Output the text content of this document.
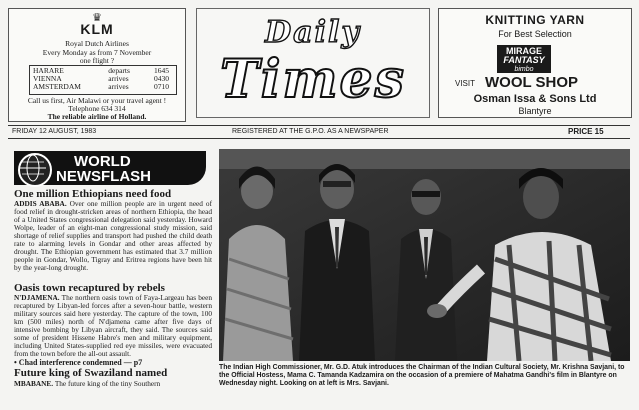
♛
KLM
Royal Dutch Airlines
Every Monday as from 7 November
one flight ?
HARARE	departs	1645
VIENNA	arrives	0430
AMSTERDAM	arrives	0710
Call us first, Air Malawi or your travel agent !
Telephone 634 314
The reliable airline of Holland.
Daily
Times
KNITTING YARN
For Best Selection
MIRAGE
FANTASY
bimbo
VISIT WOOL SHOP
Osman Issa & Sons Ltd
Blantyre
FRIDAY 12 AUGUST, 1983	REGISTERED AT THE G.P.O. AS A NEWSPAPER	PRICE 15
WORLD
NEWSFLASH
One million Ethiopians need food
ADDIS ABABA. Over one million people are in urgent need of food relief in drought-stricken areas of northern Ethiopia, the head of a United States congressional delegation said yesterday. Howard Wolpe, leader of an eight-man congressional study mission, said shortage of relief supplies and transport had pushed the child death rate to alarming levels in Gondar and other areas affected by drought. The Ethiopian government has estimated that 3.7 million people in Gondar, Wollo, Tigray and Eritrea regions have been hit by the year-long drought.
Oasis town recaptured by rebels
N'DJAMENA. The northern oasis town of Faya-Largeau has been recaptured by Libyan-led forces after a seven-hour battle, western military sources said here yesterday. The capture of the town, 100 km (500 miles) north of N'djamena came after five days of intensive bombing by Libyan aircraft, they said. The sources said some of president Hissene Habre's men and military equipment, including United States-supplied red eye missiles, were evacuated from the town before the all-out assault.
• Chad interference condemned — p7
Future king of Swaziland named
MBABANE. The future king of the tiny Southern
The Indian High Commissioner, Mr. G.D. Atuk introduces the Chairman of the Indian Cultural Society, Mr. Krishna Savjani, to the Official Hostess, Mama C. Tamanda Kadzamira on the occasion of a premiere of Mahatma Gandhi's film in Blantyre on Wednesday night. Looking on at left is Mrs. Savjani.
